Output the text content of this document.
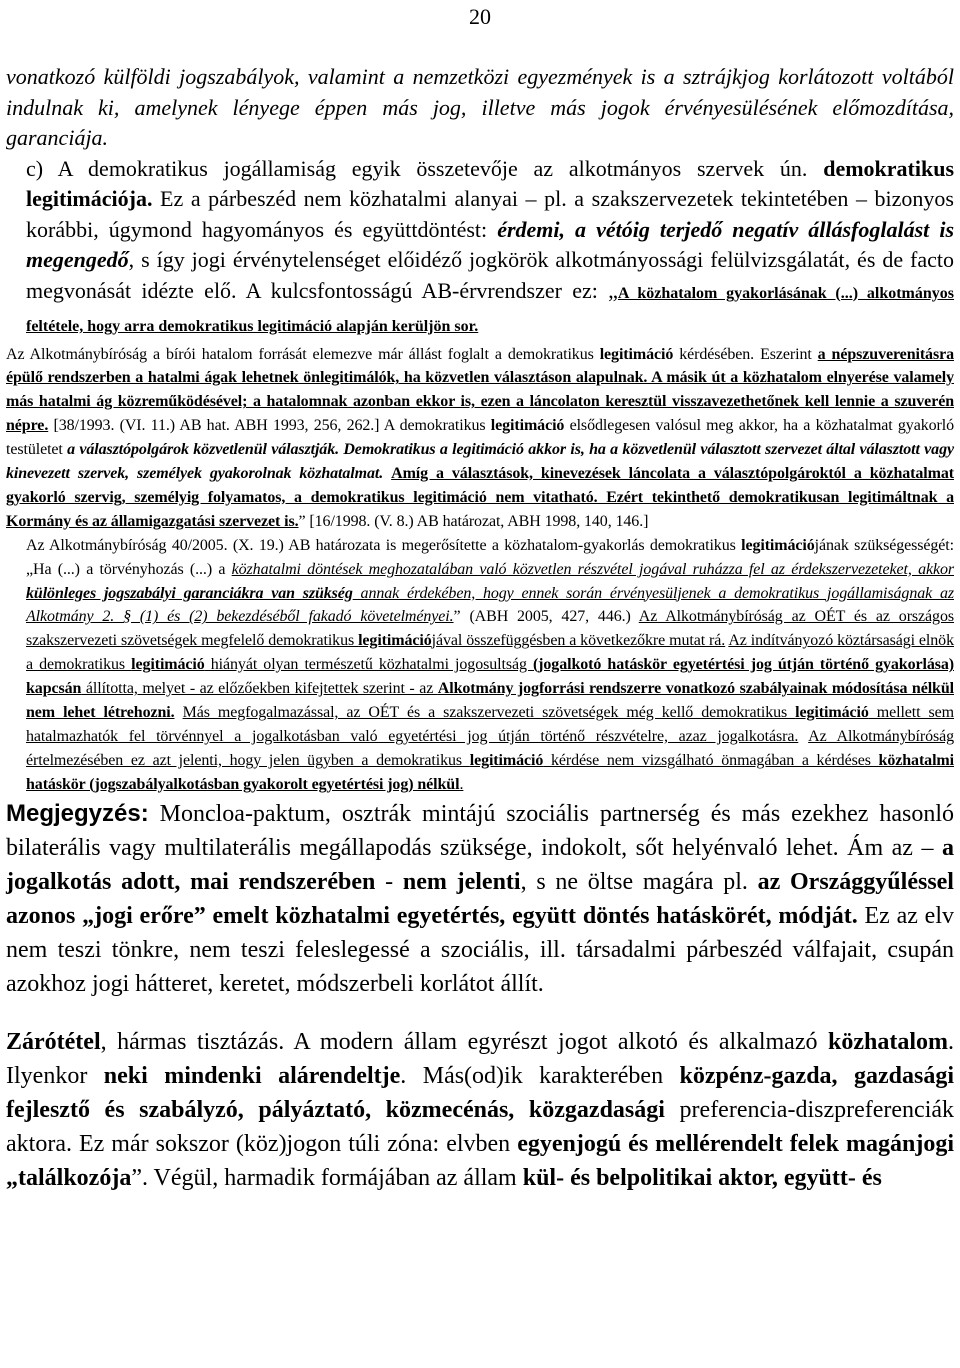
20

vonatkozó külföldi jogszabályok, valamint a nemzetközi egyezmények is a sztrájkjog korlátozott voltából indulnak ki, amelynek lényege éppen más jog, illetve más jogok érvényesülésének előmozdítása, garanciája.

c) A demokratikus jogállamiság egyik összetevője az alkotmányos szervek ún. demokratikus legitimációja. Ez a párbeszéd nem közhatalmi alanyai – pl. a szakszervezetek tekintetében – bizonyos korábbi, úgymond hagyományos és együttdöntést: érdemi, a vétóig terjedő negatív állásfoglalást is megengedő, s így jogi érvénytelenséget előidéző jogkörök alkotmányossági felülvizsgálatát, és de facto megvonását idézte elő. A kulcsfontosságú AB-érvrendszer ez: „A közhatalom gyakorlásának (...) alkotmányos feltétele, hogy arra demokratikus legitimáció alapján kerüljön sor.

Az Alkotmánybíróság a bírói hatalom forrását elemezve már állást foglalt a demokratikus legitimáció kérdésében. Eszerint a népszuverenitásra épülő rendszerben a hatalmi ágak lehetnek önlegitimálók, ha közvetlen választáson alapulnak. A másik út a közhatalom elnyerése valamely más hatalmi ág közreműködésével; a hatalomnak azonban ekkor is, ezen a láncolaton keresztül visszavezethetőnek kell lennie a szuverén népre. [38/1993. (VI. 11.) AB hat. ABH 1993, 256, 262.] A demokratikus legitimáció elsődlegesen valósul meg akkor, ha a közhatalmat gyakorló testületet a választópolgárok közvetlenül választják. Demokratikus a legitimáció akkor is, ha a közvetlenül választott szervezet által választott vagy kinevezett szervek, személyek gyakorolnak közhatalmat. Amíg a választások, kinevezések láncolata a választópolgároktól a közhatalmat gyakorló szervig, személyig folyamatos, a demokratikus legitimáció nem vitatható. Ezért tekinthető demokratikusan legitimáltnak a Kormány és az államigazgatási szervezet is.” [16/1998. (V. 8.) AB határozat, ABH 1998, 140, 146.]

Az Alkotmánybíróság 40/2005. (X. 19.) AB határozata is megerősítette a közhatalom-gyakorlás demokratikus legitimációjának szükségességét: „Ha (...) a törvényhozás (...) a közhatalmi döntések meghozatalában való közvetlen részvétel jogával ruházza fel az érdekszervezeteket, akkor különleges jogszabályi garanciákra van szükség annak érdekében, hogy ennek során érvényesüljenek a demokratikus jogállamiságnak az Alkotmány 2. § (1) és (2) bekezdéséből fakadó követelményei.” (ABH 2005, 427, 446.) Az Alkotmánybíróság az OÉT és az országos szakszervezeti szövetségek megfelelő demokratikus legitimációjával összefüggésben a következőkre mutat rá. Az indítványozó köztársasági elnök a demokratikus legitimáció hiányát olyan természetű közhatalmi jogosultság (jogalkotó hatáskör egyetértési jog útján történő gyakorlása) kapcsán állította, melyet - az előzőekben kifejtettek szerint - az Alkotmány jogforrási rendszerre vonatkozó szabályainak módosítása nélkül nem lehet létrehozni. Más megfogalmazással, az OÉT és a szakszervezeti szövetségek még kellő demokratikus legitimáció mellett sem hatalmazhatók fel törvénnyel a jogalkotásban való egyetértési jog útján történő részvételre, azaz jogalkotásra. Az Alkotmánybíróság értelmezésében ez azt jelenti, hogy jelen ügyben a demokratikus legitimáció kérdése nem vizsgálható önmagában a kérdéses közhatalmi hatáskör (jogszabályalkotásban gyakorolt egyetértési jog) nélkül.

Megjegyzés: Moncloa-paktum, osztrák mintájú szociális partnerség és más ezekhez hasonló bilaterális vagy multilaterális megállapodás szüksége, indokolt, sőt helyénvaló lehet. Ám az – a jogalkotás adott, mai rendszerében - nem jelenti, s ne öltse magára pl. az Országgyűléssel azonos „jogi erőre” emelt közhatalmi egyetértés, együtt döntés hatáskörét, módját. Ez az elv nem teszi tönkre, nem teszi feleslegessé a szociális, ill. társadalmi párbeszéd válfajait, csupán azokhoz jogi hátteret, keretet, módszerbeli korlátot állít.

Zárótétel, hármas tisztázás. A modern állam egyrészt jogot alkotó és alkalmazó közhatalom. Ilyenkor neki mindenki alárendeltje. Más(od)ik karakterében közpénz-gazda, gazdasági fejlesztő és szabályzó, pályáztató, közmecénás, közgazdasági preferencia-diszpreferenciák aktora. Ez már sokszor (köz)jogon túli zóna: elvben egyenjogú és mellérendelt felek magánjogi „találkozója”. Végül, harmadik formájában az állam kül- és belpolitikai aktor, együtt- és
